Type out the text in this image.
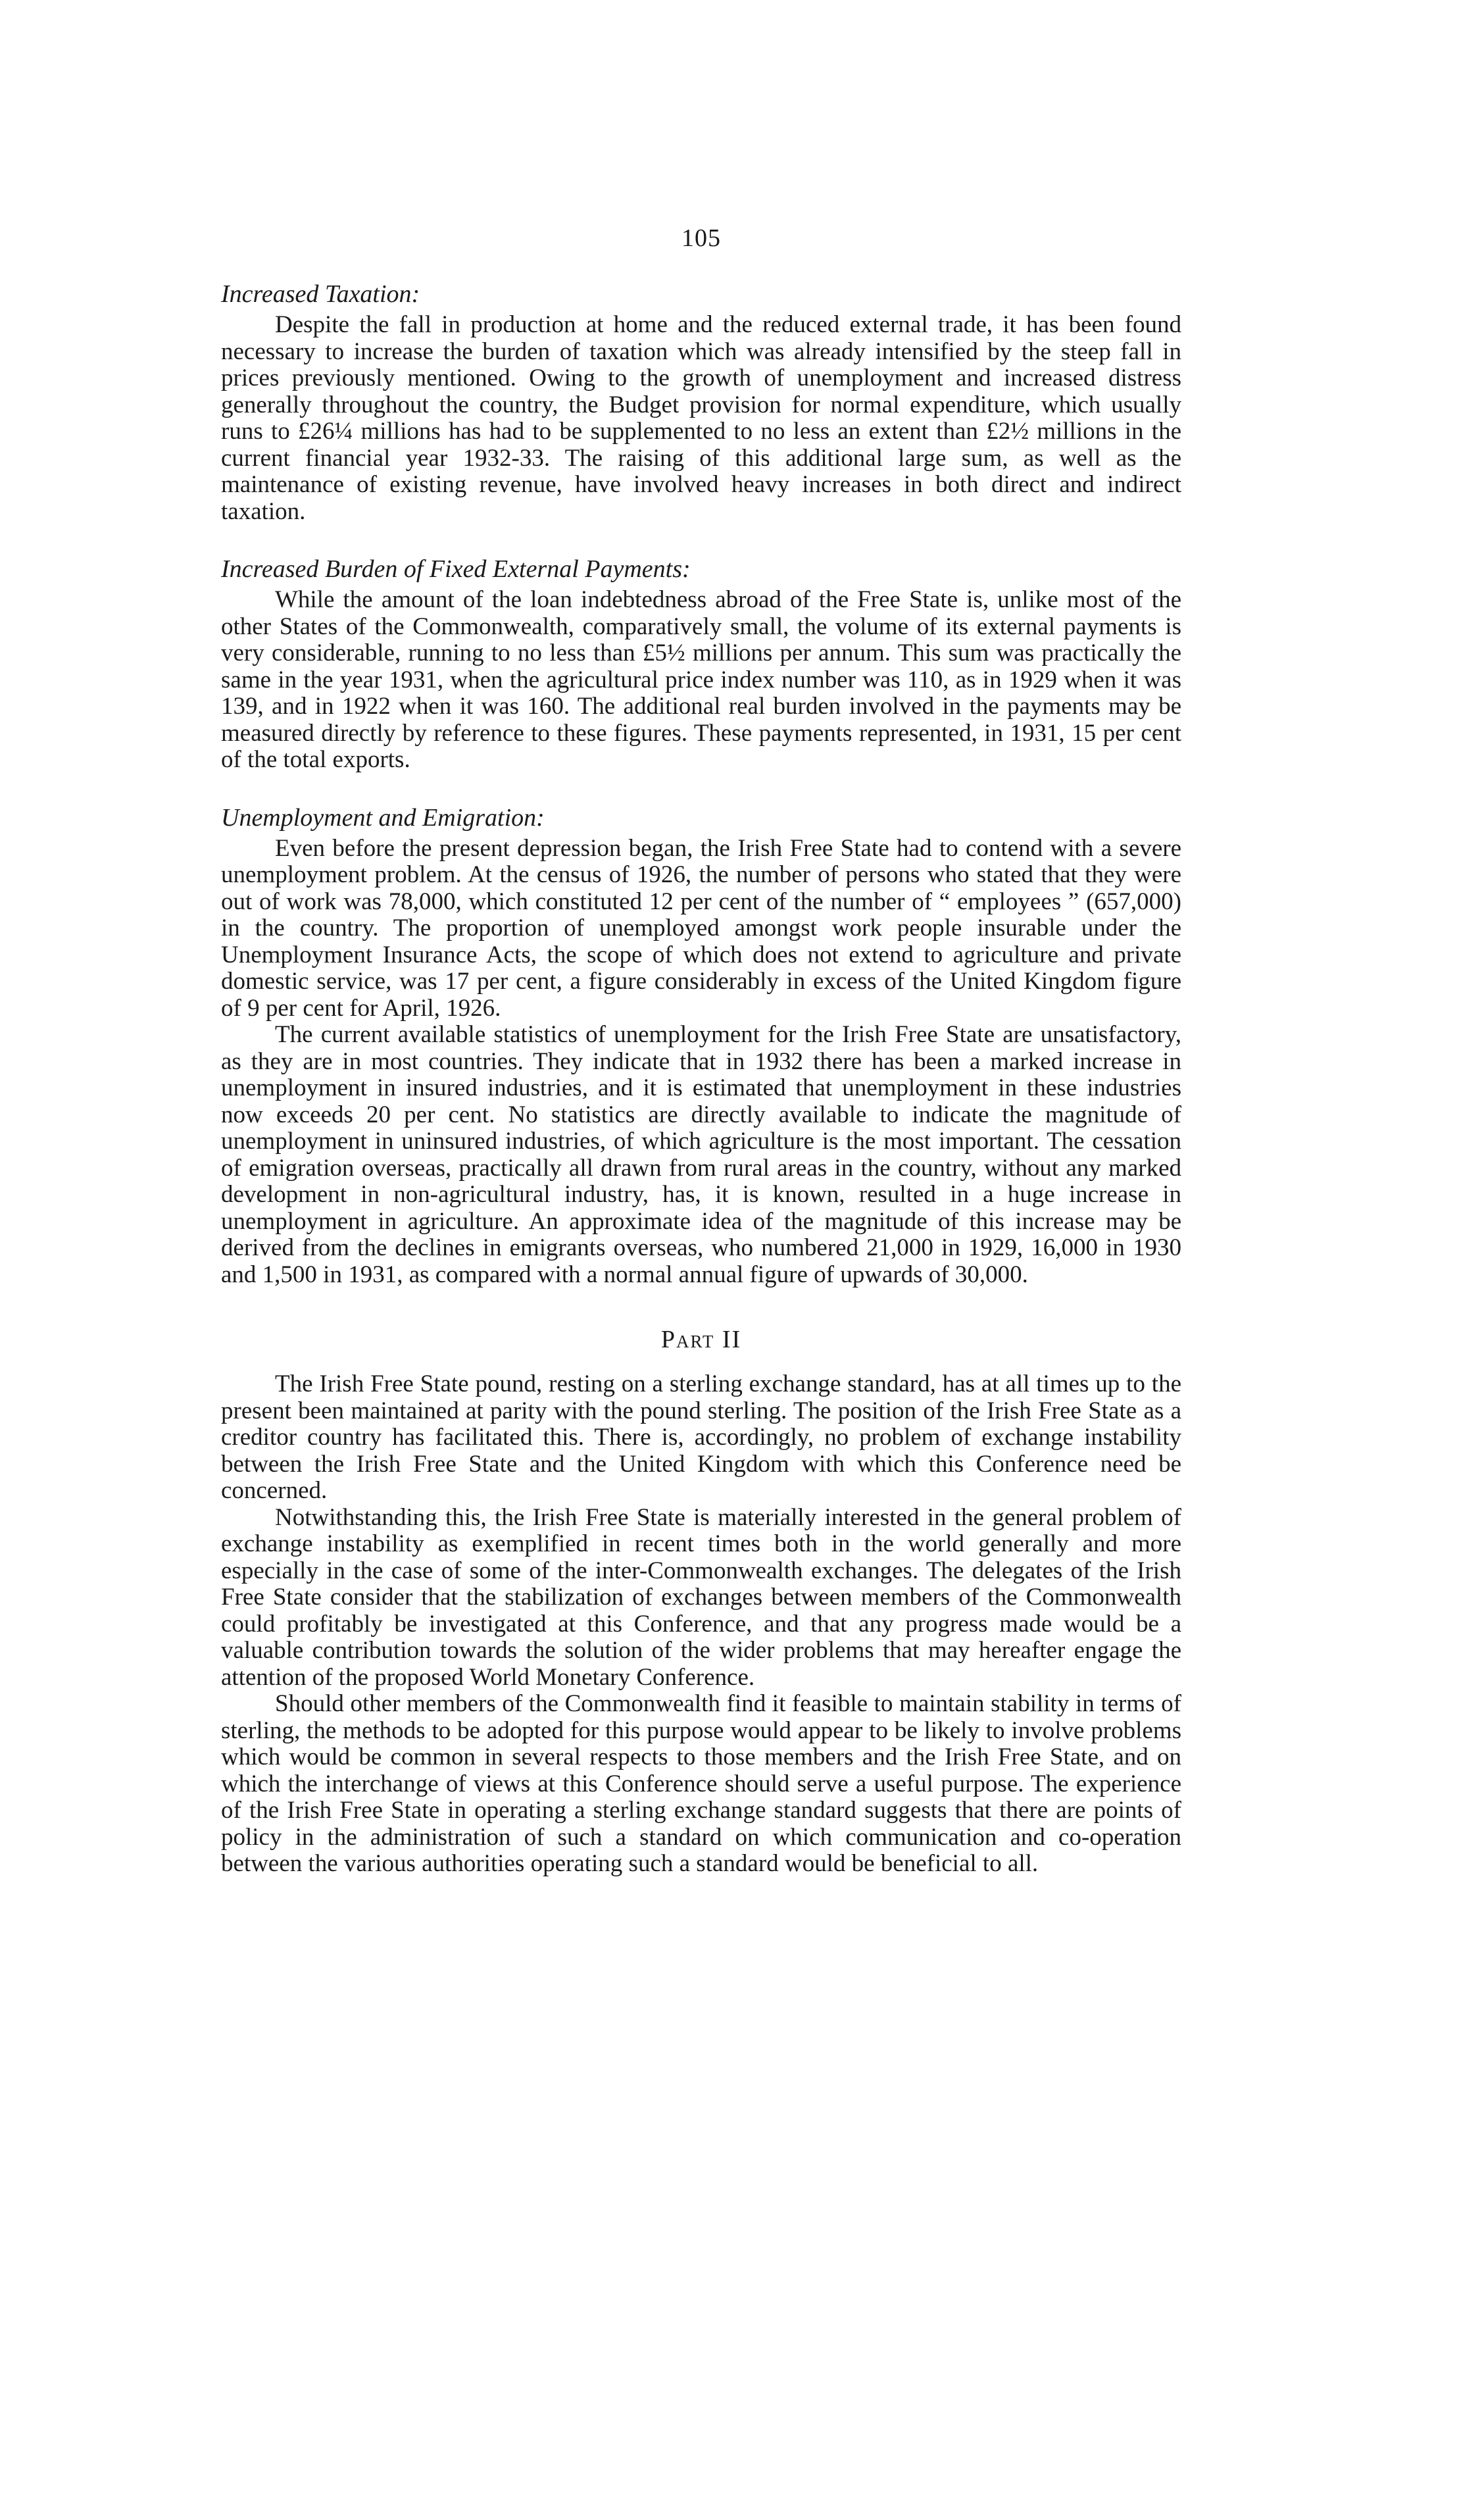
105
Increased Taxation:

Despite the fall in production at home and the reduced external trade, it has been found necessary to increase the burden of taxation which was already intensified by the steep fall in prices previously mentioned. Owing to the growth of unemployment and increased distress generally throughout the country, the Budget provision for normal expenditure, which usually runs to £26¼ millions has had to be supplemented to no less an extent than £2½ millions in the current financial year 1932-33. The raising of this additional large sum, as well as the maintenance of existing revenue, have involved heavy increases in both direct and indirect taxation.

Increased Burden of Fixed External Payments:

While the amount of the loan indebtedness abroad of the Free State is, unlike most of the other States of the Commonwealth, comparatively small, the volume of its external payments is very considerable, running to no less than £5½ millions per annum. This sum was practically the same in the year 1931, when the agricultural price index number was 110, as in 1929 when it was 139, and in 1922 when it was 160. The additional real burden involved in the payments may be measured directly by reference to these figures. These payments represented, in 1931, 15 per cent of the total exports.

Unemployment and Emigration:

Even before the present depression began, the Irish Free State had to contend with a severe unemployment problem. At the census of 1926, the number of persons who stated that they were out of work was 78,000, which constituted 12 per cent of the number of “ employees ” (657,000) in the country. The proportion of unemployed amongst work people insurable under the Unemployment Insurance Acts, the scope of which does not extend to agriculture and private domestic service, was 17 per cent, a figure considerably in excess of the United Kingdom figure of 9 per cent for April, 1926.

The current available statistics of unemployment for the Irish Free State are unsatisfactory, as they are in most countries. They indicate that in 1932 there has been a marked increase in unemployment in insured industries, and it is estimated that unemployment in these industries now exceeds 20 per cent. No statistics are directly available to indicate the magnitude of unemployment in uninsured industries, of which agriculture is the most important. The cessation of emigration overseas, practically all drawn from rural areas in the country, without any marked development in non-agricultural industry, has, it is known, resulted in a huge increase in unemployment in agriculture. An approximate idea of the magnitude of this increase may be derived from the declines in emigrants overseas, who numbered 21,000 in 1929, 16,000 in 1930 and 1,500 in 1931, as compared with a normal annual figure of upwards of 30,000.

Part II

The Irish Free State pound, resting on a sterling exchange standard, has at all times up to the present been maintained at parity with the pound sterling. The position of the Irish Free State as a creditor country has facilitated this. There is, accordingly, no problem of exchange instability between the Irish Free State and the United Kingdom with which this Conference need be concerned.

Notwithstanding this, the Irish Free State is materially interested in the general problem of exchange instability as exemplified in recent times both in the world generally and more especially in the case of some of the inter-Commonwealth exchanges. The delegates of the Irish Free State consider that the stabilization of exchanges between members of the Commonwealth could profitably be investigated at this Conference, and that any progress made would be a valuable contribution towards the solution of the wider problems that may hereafter engage the attention of the proposed World Monetary Conference.

Should other members of the Commonwealth find it feasible to maintain stability in terms of sterling, the methods to be adopted for this purpose would appear to be likely to involve problems which would be common in several respects to those members and the Irish Free State, and on which the interchange of views at this Conference should serve a useful purpose. The experience of the Irish Free State in operating a sterling exchange standard suggests that there are points of policy in the administration of such a standard on which communication and co-operation between the various authorities operating such a standard would be beneficial to all.
